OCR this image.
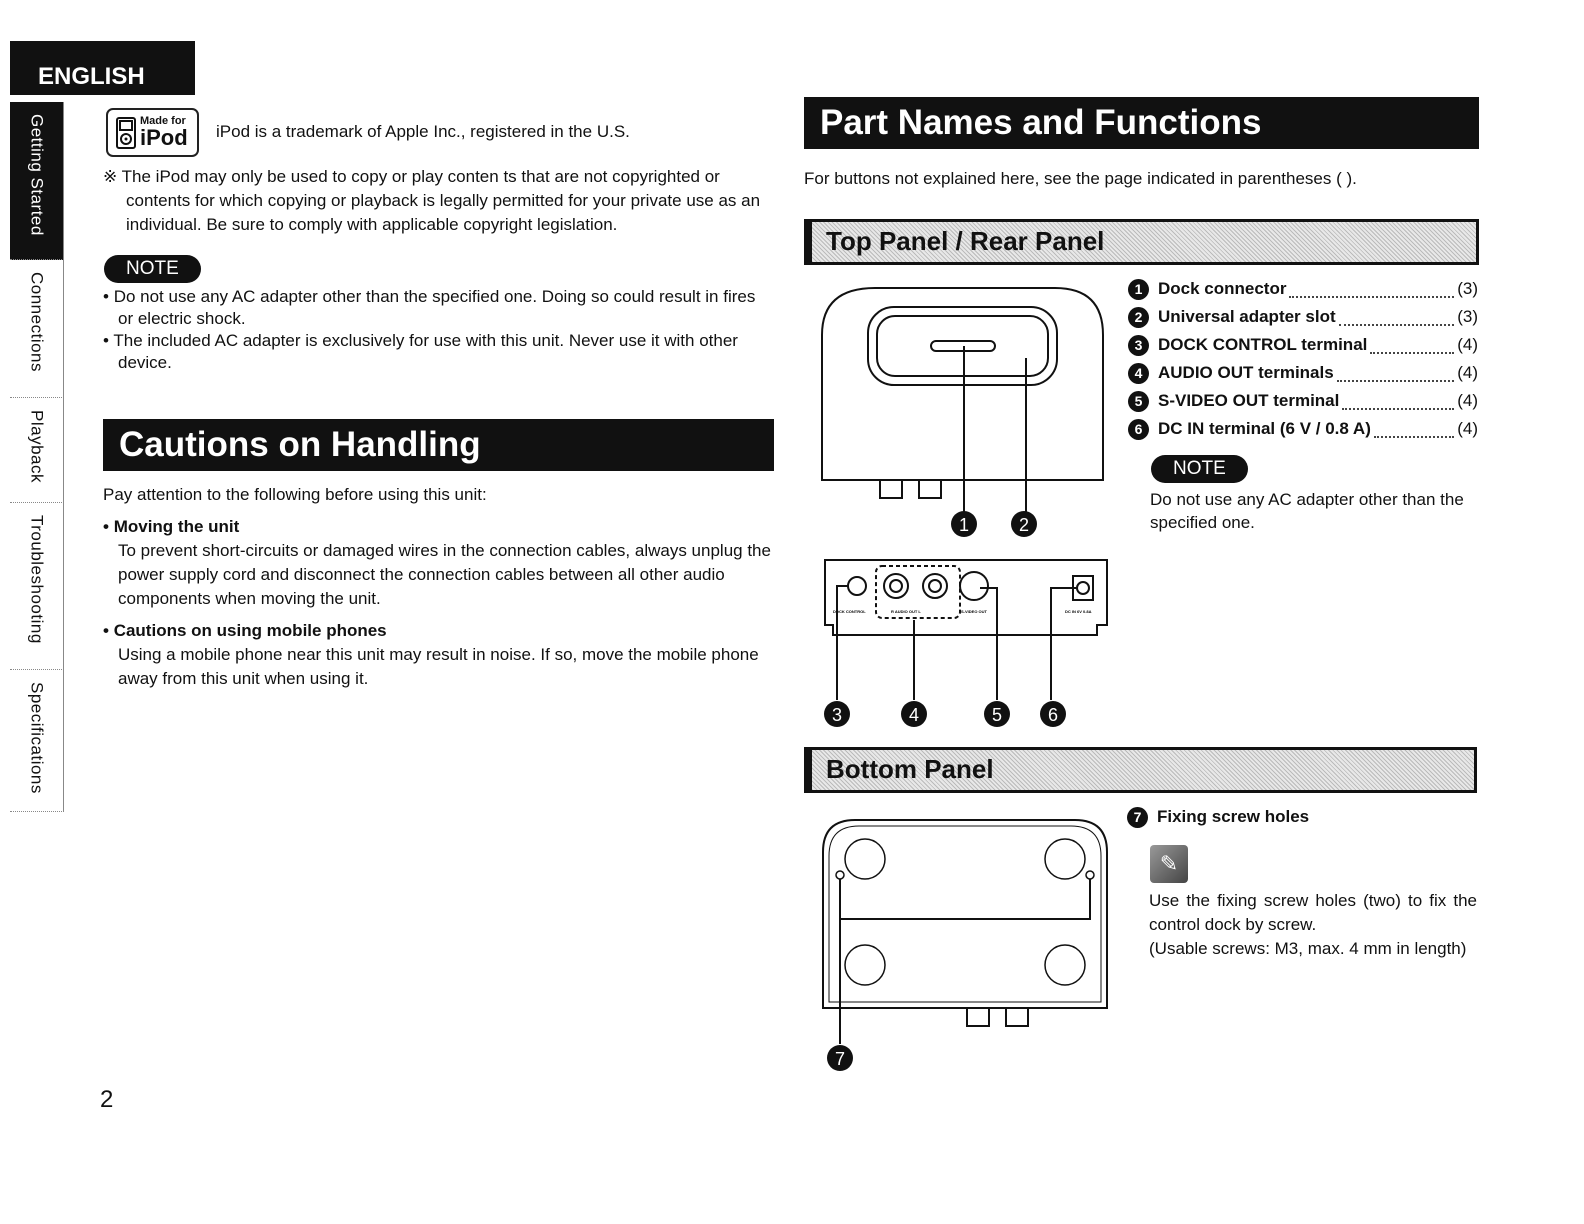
ENGLISH
Getting Started
Connections
Playback
Troubleshooting
Specifications
Made for
iPod iPod is a trademark of Apple Inc., registered in the U.S.
※ The iPod may only be used to copy or play conten ts that are not copyrighted or contents for which copying or playback is legally permitted for your private use as an individual. Be sure to comply with applicable copyright legislation.
NOTE
• Do not use any AC adapter other than the specified one. Doing so could result in fires or electric shock.
• The included AC adapter is exclusively for use with this unit. Never use it with other device.
Cautions on Handling
Pay attention to the following before using this unit:
• Moving the unit
To prevent short-circuits or damaged wires in the connection cables, always unplug the power supply cord and disconnect the connection cables between all other audio components when moving the unit.
• Cautions on using mobile phones
Using a mobile phone near this unit may result in noise. If so, move the mobile phone away from this unit when using it.
2
Part Names and Functions
For buttons not explained here, see the page indicated in parentheses ( ).
Top Panel / Rear Panel
DOCK CONTROL	R AUDIO OUT L	S-VIDEO OUT	DC IN 6V 0.8A
1	2
3	4	5	6
1 Dock connector	(3)
2 Universal adapter slot	(3)
3 DOCK CONTROL terminal	(4)
4 AUDIO OUT terminals	(4)
5 S-VIDEO OUT terminal	(4)
6 DC IN terminal (6 V / 0.8 A)	(4)
NOTE
Do not use any AC adapter other than the specified one.
Bottom Panel
7
7 Fixing screw holes
✎
Use the fixing screw holes (two) to fix the control dock by screw.
(Usable screws: M3, max. 4 mm in length)
